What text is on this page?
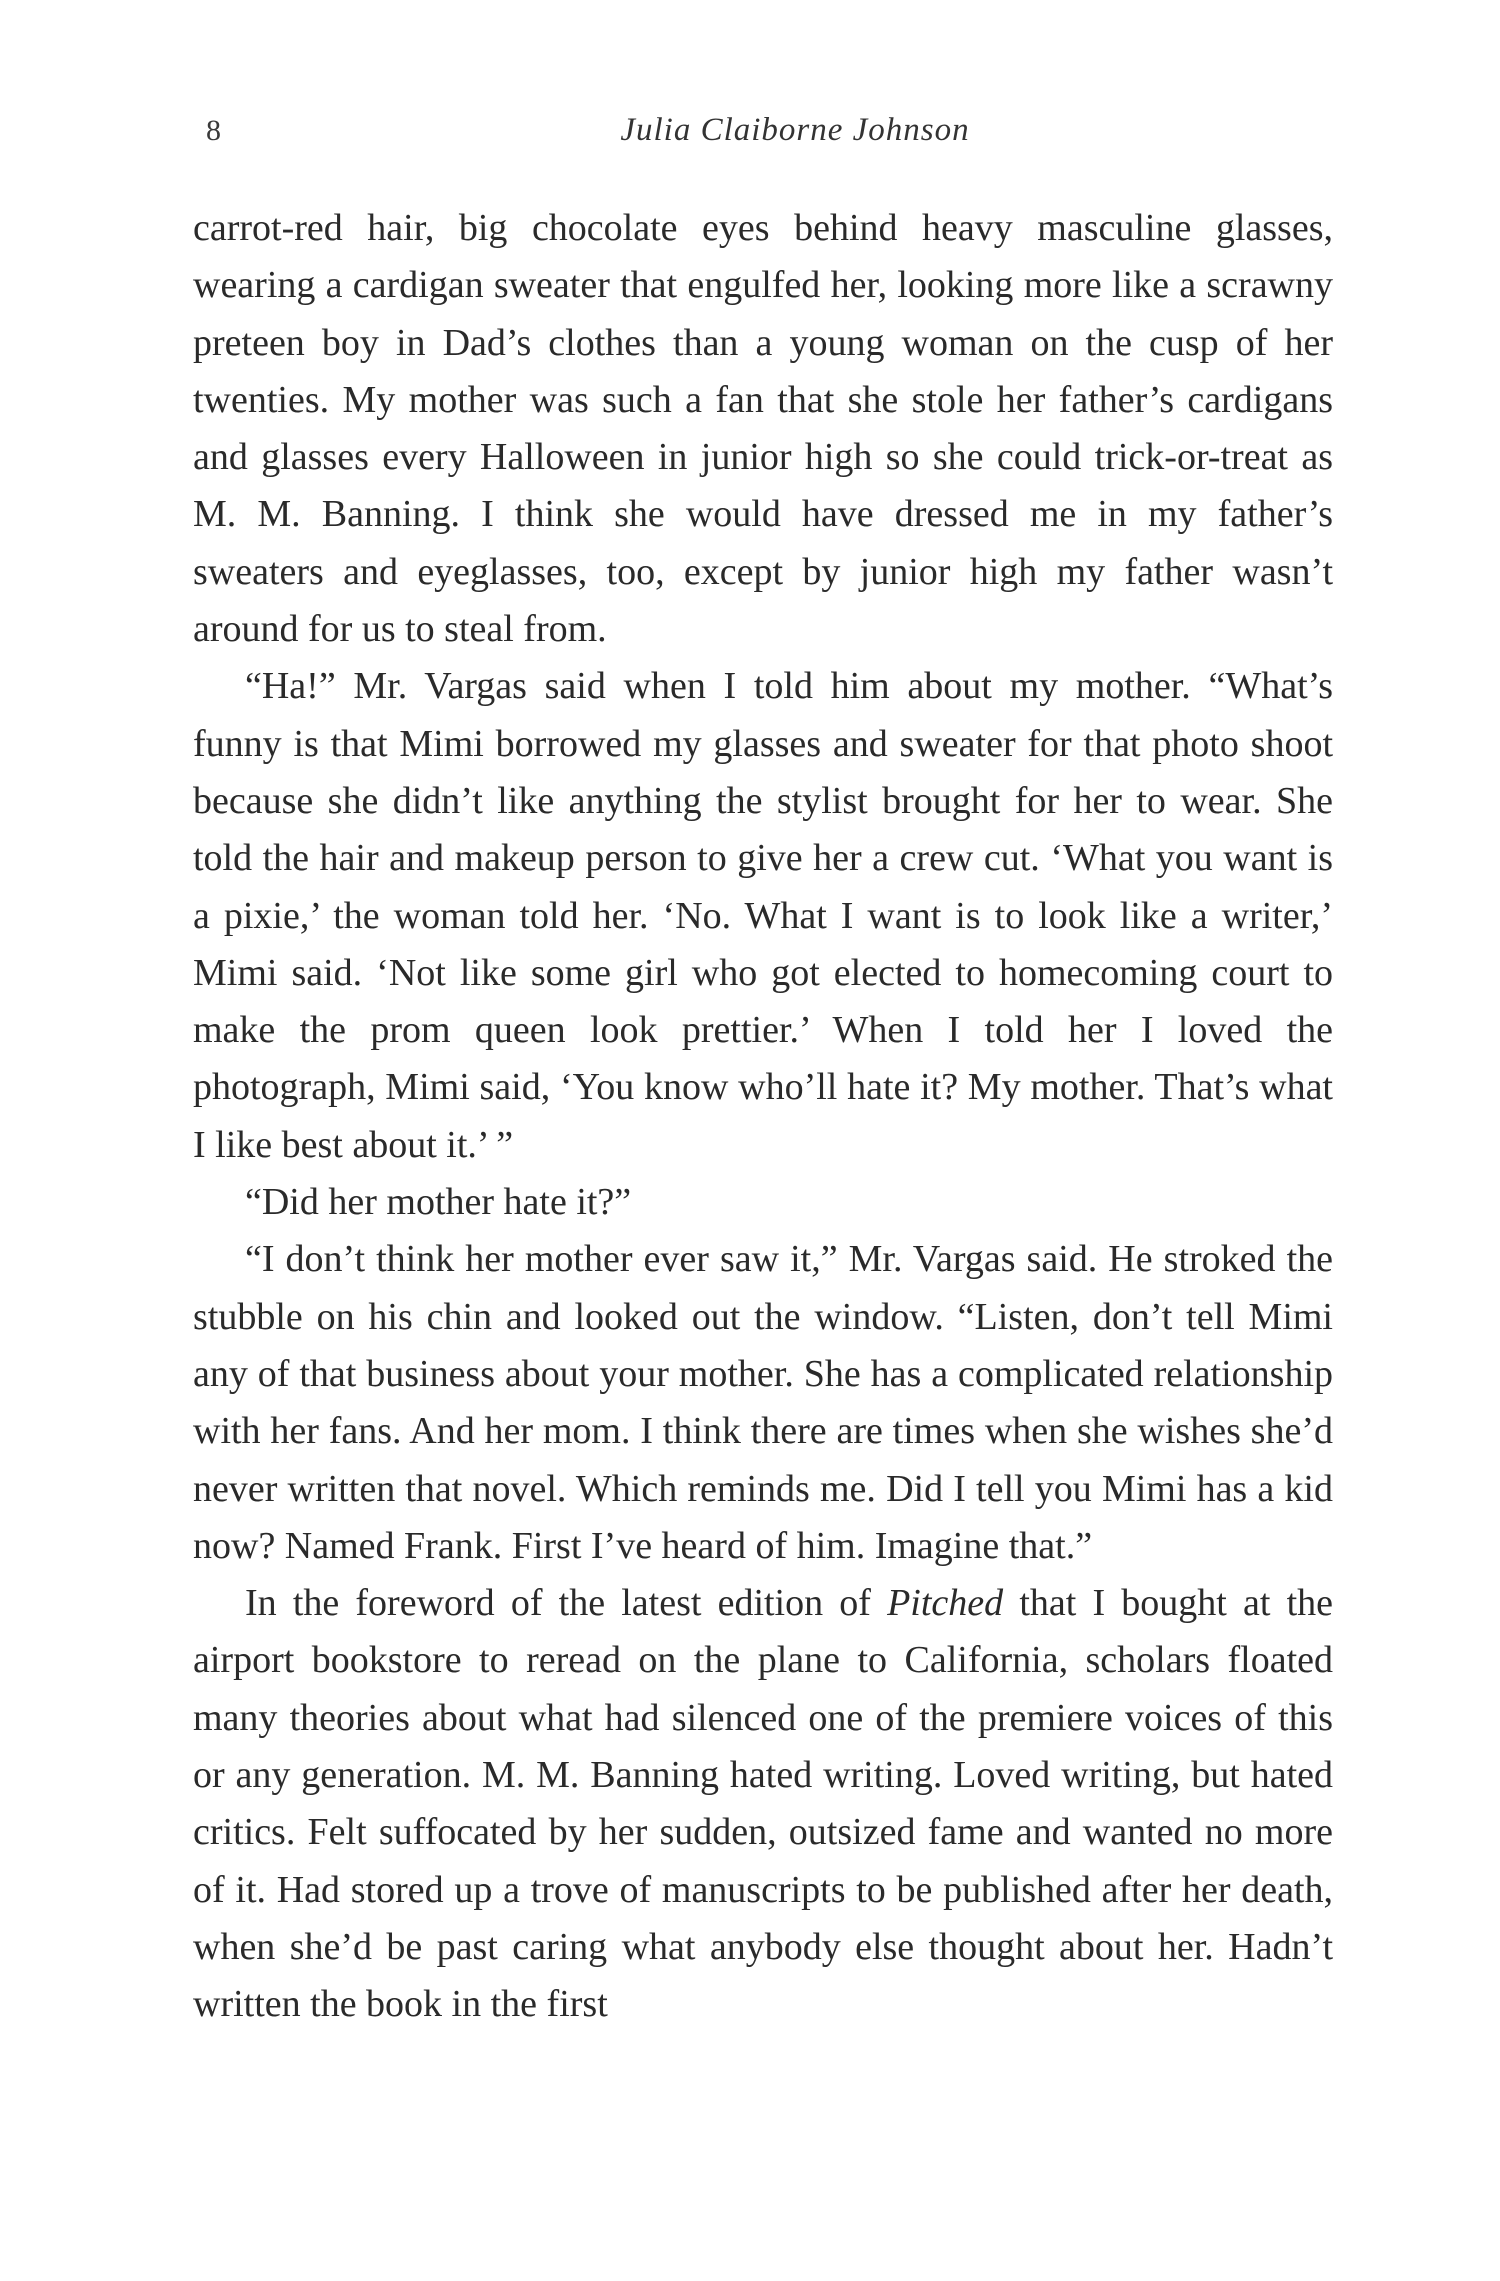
8	Julia Claiborne Johnson

carrot-red hair, big chocolate eyes behind heavy masculine glasses, wearing a cardigan sweater that engulfed her, looking more like a scrawny preteen boy in Dad’s clothes than a young woman on the cusp of her twenties. My mother was such a fan that she stole her father’s cardigans and glasses every Halloween in junior high so she could trick-or-treat as M. M. Banning. I think she would have dressed me in my father’s sweaters and eyeglasses, too, except by junior high my father wasn’t around for us to steal from.

“Ha!” Mr. Vargas said when I told him about my mother. “What’s funny is that Mimi borrowed my glasses and sweater for that photo shoot because she didn’t like anything the stylist brought for her to wear. She told the hair and makeup person to give her a crew cut. ‘What you want is a pixie,’ the woman told her. ‘No. What I want is to look like a writer,’ Mimi said. ‘Not like some girl who got elected to homecoming court to make the prom queen look prettier.’ When I told her I loved the photograph, Mimi said, ‘You know who’ll hate it? My mother. That’s what I like best about it.’ ”

“Did her mother hate it?”

“I don’t think her mother ever saw it,” Mr. Vargas said. He stroked the stubble on his chin and looked out the window. “Listen, don’t tell Mimi any of that business about your mother. She has a complicated relationship with her fans. And her mom. I think there are times when she wishes she’d never written that novel. Which reminds me. Did I tell you Mimi has a kid now? Named Frank. First I’ve heard of him. Imagine that.”

In the foreword of the latest edition of Pitched that I bought at the airport bookstore to reread on the plane to California, scholars floated many theories about what had silenced one of the premiere voices of this or any generation. M. M. Banning hated writing. Loved writing, but hated critics. Felt suffocated by her sudden, outsized fame and wanted no more of it. Had stored up a trove of manuscripts to be published after her death, when she’d be past caring what anybody else thought about her. Hadn’t written the book in the first
